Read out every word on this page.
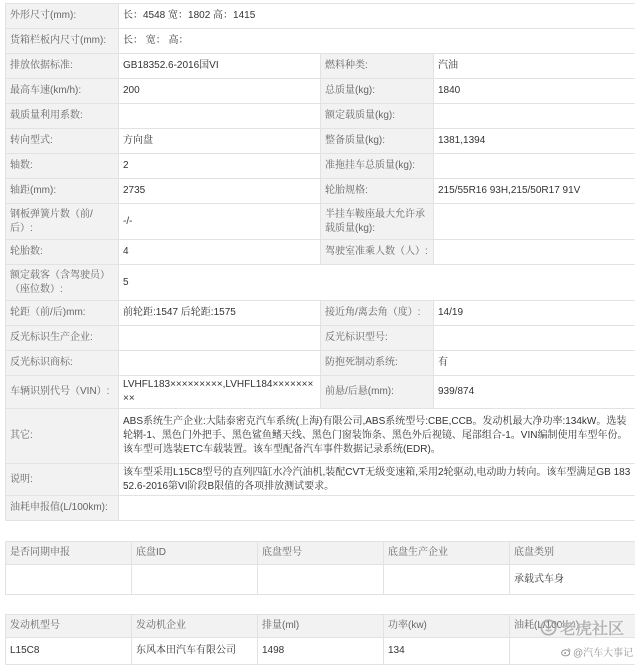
外形尺寸(mm):	长：4548 宽：1802 高：1415		
货箱栏板内尺寸(mm):	长： 宽： 高：		
排放依据标准:	GB18352.6-2016国VI	燃料种类:	汽油
最高车速(km/h):	200	总质量(kg):	1840
载质量利用系数:		额定载质量(kg):	
转向型式:	方向盘	整备质量(kg):	1381,1394
轴数:	2	准拖挂车总质量(kg):	
轴距(mm):	2735	轮胎规格:	215/55R16 93H,215/50R17 91V
钢板弹簧片数（前/后）:	-/-	半挂车鞍座最大允许承载质量(kg):	
轮胎数:	4	驾驶室准乘人数（人）:	
额定载客（含驾驶员）（座位数）:	5		
轮距（前/后)mm:	前轮距:1547 后轮距:1575	接近角/离去角（度）:	14/19
反光标识生产企业:		反光标识型号:	
反光标识商标:		防抱死制动系统:	有
车辆识别代号（VIN）:	LVHFL183×××××××××,LVHFL184×××××××××	前悬/后悬(mm):	939/874
其它:	ABS系统生产企业:大陆泰密克汽车系统(上海)有限公司,ABS系统型号:CBE,CCB。发动机最大净功率:134kW。选装轮辋-1、黑色门外把手、黑色鲨鱼鳍天线、黑色门窗装饰条、黑色外后视镜、尾部组合-1。VIN编制使用车型年份。该车型可选装ETC车载装置。该车型配备汽车事件数据记录系统(EDR)。		
说明:	该车型采用L15C8型号的直列四缸水冷汽油机,装配CVT无级变速箱,采用2轮驱动,电动助力转向。该车型满足GB 18352.6-2016第VI阶段B限值的各项排放测试要求。		
油耗申报值(L/100km):			
是否同期申报	底盘ID	底盘型号	底盘生产企业	底盘类别
				承载式车身
发动机型号	发动机企业	排量(ml)	功率(kw)	油耗(L/100km)
L15C8	东风本田汽车有限公司	1498	134	
老虎社区
@汽车大事记
